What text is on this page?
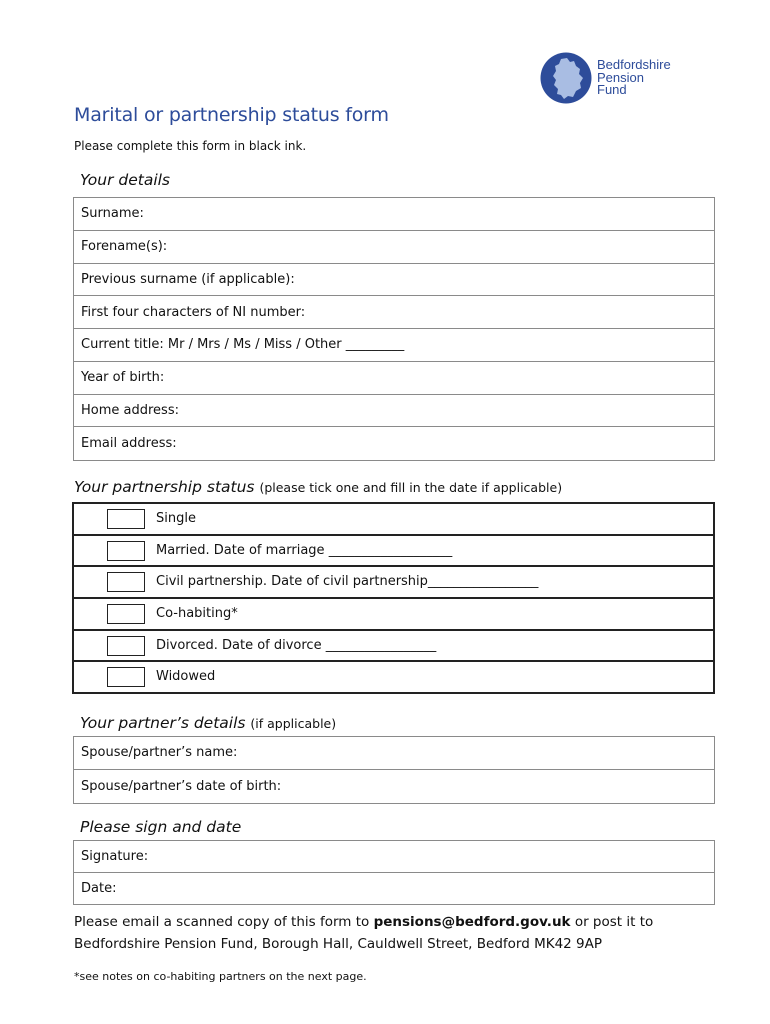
Bedfordshire
Pension
Fund
Marital or partnership status form
Please complete this form in black ink.
Your details
Surname:
Forename(s):
Previous surname (if applicable):
First four characters of NI number:
Current title: Mr / Mrs / Ms / Miss / Other _________
Year of birth:
Home address:
Email address:
Your partnership status (please tick one and fill in the date if applicable)
Single
Married. Date of marriage ___________________
Civil partnership. Date of civil partnership_________________
Co-habiting*
Divorced. Date of divorce _________________
Widowed
Your partner’s details (if applicable)
Spouse/partner’s name:
Spouse/partner’s date of birth:
Please sign and date
Signature:
Date:
Please email a scanned copy of this form to pensions@bedford.gov.uk or post it to
Bedfordshire Pension Fund, Borough Hall, Cauldwell Street, Bedford MK42 9AP
*see notes on co-habiting partners on the next page.
